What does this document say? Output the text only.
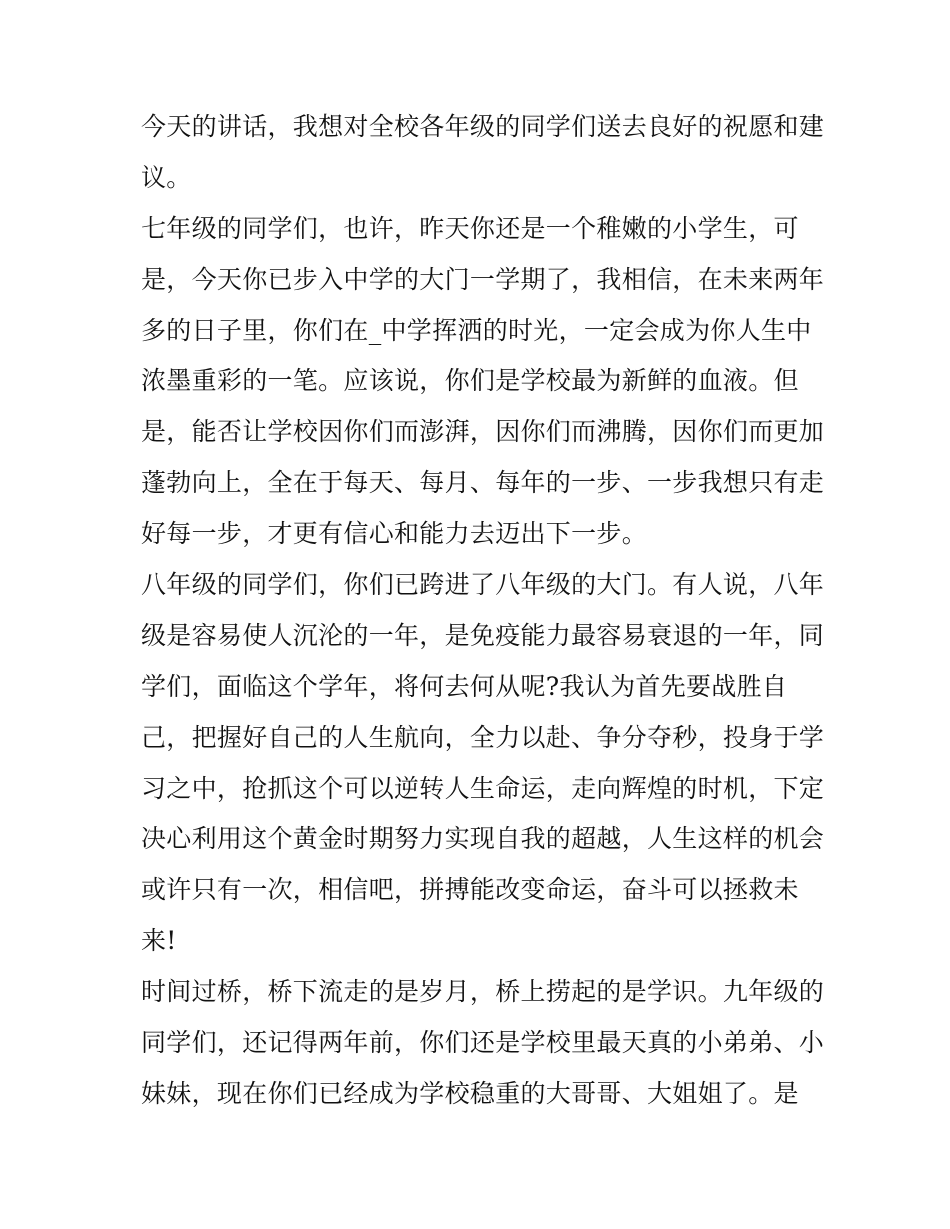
今天的讲话，我想对全校各年级的同学们送去良好的祝愿和建
议。
七年级的同学们，也许，昨天你还是一个稚嫩的小学生，可
是，今天你已步入中学的大门一学期了，我相信，在未来两年
多的日子里，你们在_中学挥洒的时光，一定会成为你人生中
浓墨重彩的一笔。应该说，你们是学校最为新鲜的血液。但
是，能否让学校因你们而澎湃，因你们而沸腾，因你们而更加
蓬勃向上，全在于每天、每月、每年的一步、一步我想只有走
好每一步，才更有信心和能力去迈出下一步。
八年级的同学们，你们已跨进了八年级的大门。有人说，八年
级是容易使人沉沦的一年，是免疫能力最容易衰退的一年，同
学们，面临这个学年，将何去何从呢?我认为首先要战胜自
己，把握好自己的人生航向，全力以赴、争分夺秒，投身于学
习之中，抢抓这个可以逆转人生命运，走向辉煌的时机，下定
决心利用这个黄金时期努力实现自我的超越，人生这样的机会
或许只有一次，相信吧，拼搏能改变命运，奋斗可以拯救未
来!
时间过桥，桥下流走的是岁月，桥上捞起的是学识。九年级的
同学们，还记得两年前，你们还是学校里最天真的小弟弟、小
妹妹，现在你们已经成为学校稳重的大哥哥、大姐姐了。是
